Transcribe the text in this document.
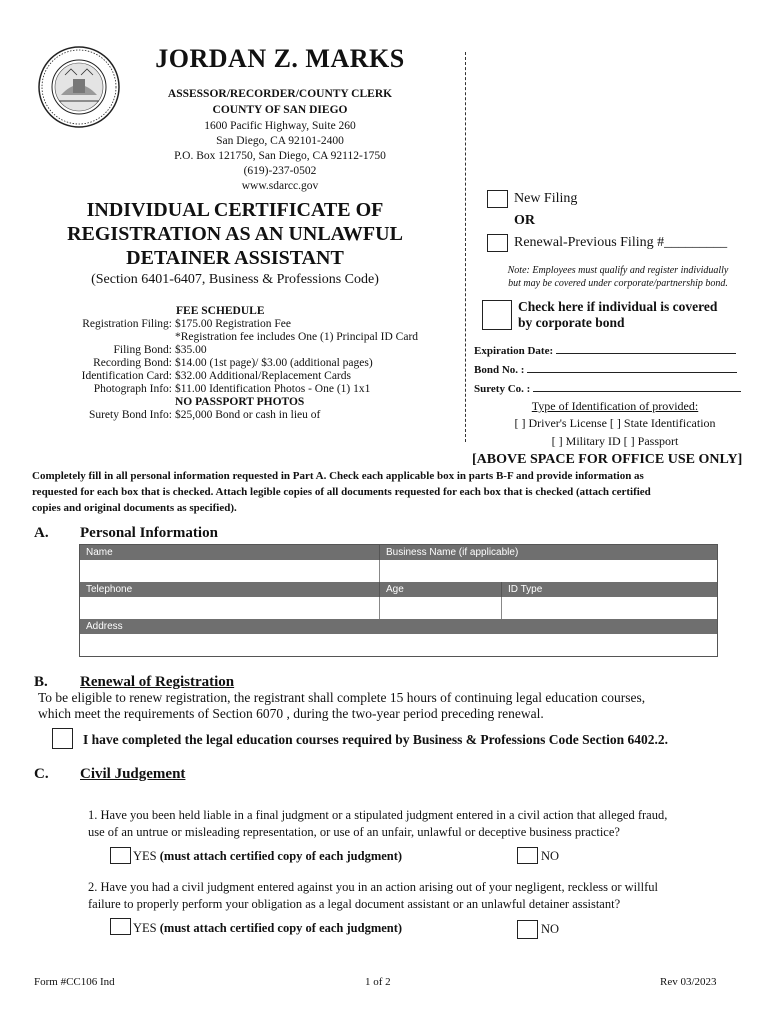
JORDAN Z. MARKS
ASSESSOR/RECORDER/COUNTY CLERK
COUNTY OF SAN DIEGO
1600 Pacific Highway, Suite 260
San Diego, CA 92101-2400
P.O. Box 121750, San Diego, CA 92112-1750
(619)-237-0502
www.sdarcc.gov
INDIVIDUAL CERTIFICATE OF
REGISTRATION AS AN UNLAWFUL
DETAINER ASSISTANT
(Section 6401-6407, Business & Professions Code)
FEE SCHEDULE
Registration Filing: $175.00 Registration Fee
*Registration fee includes One (1) Principal ID Card
Filing Bond: $35.00
Recording Bond: $14.00 (1st page)/ $3.00 (additional pages)
Identification Card: $32.00 Additional/Replacement Cards
Photograph Info: $11.00 Identification Photos - One (1) 1x1
NO PASSPORT PHOTOS
Surety Bond Info: $25,000 Bond or cash in lieu of
New Filing
OR
Renewal-Previous Filing #_________
Note: Employees must qualify and register individually
but may be covered under corporate/partnership bond.
Check here if individual is covered
by corporate bond
Expiration Date:
Bond No. :
Surety Co. :
Type of Identification of provided:
[ ] Driver's License [ ] State Identification
[ ] Military ID [ ] Passport
[ABOVE SPACE FOR OFFICE USE ONLY]
Completely fill in all personal information requested in Part A. Check each applicable box in parts B-F and provide information as
requested for each box that is checked. Attach legible copies of all documents requested for each box that is checked (attach certified
copies and original documents as specified).
A. Personal Information
Name	Business Name (if applicable)
Telephone	Age	ID Type
Address
B. Renewal of Registration
To be eligible to renew registration, the registrant shall complete 15 hours of continuing legal education courses,
which meet the requirements of Section 6070 , during the two-year period preceding renewal.
I have completed the legal education courses required by Business & Professions Code Section 6402.2.
C. Civil Judgement
1. Have you been held liable in a final judgment or a stipulated judgment entered in a civil action that alleged fraud,
use of an untrue or misleading representation, or use of an unfair, unlawful or deceptive business practice?
YES (must attach certified copy of each judgment)	NO
2. Have you had a civil judgment entered against you in an action arising out of your negligent, reckless or willful
failure to properly perform your obligation as a legal document assistant or an unlawful detainer assistant?
YES (must attach certified copy of each judgment)	NO
Form #CC106 Ind	1 of 2	Rev 03/2023
